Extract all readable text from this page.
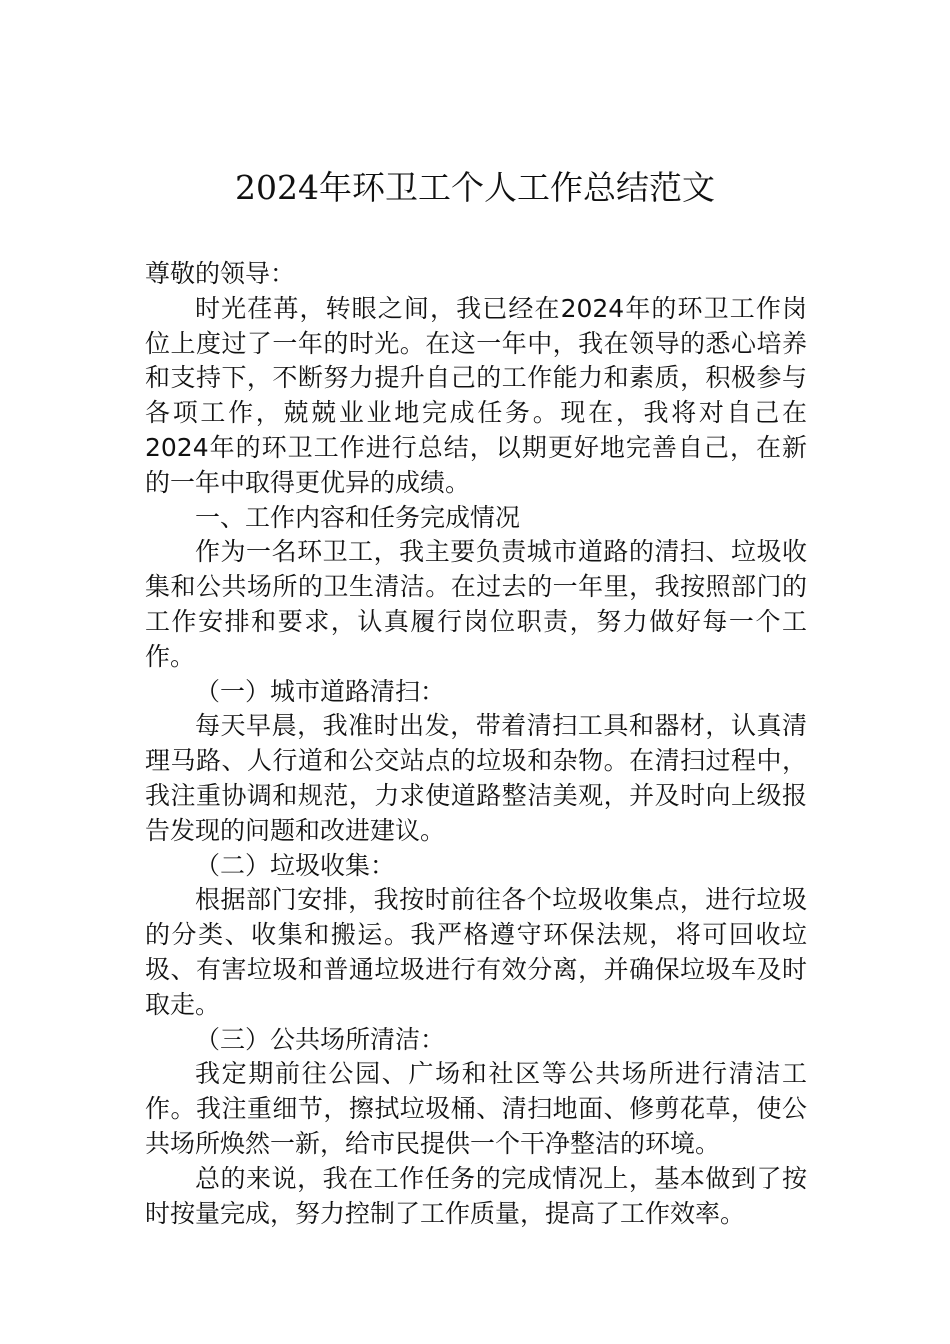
2024年环卫工个人工作总结范文

尊敬的领导：

时光荏苒，转眼之间，我已经在2024年的环卫工作岗位上度过了一年的时光。在这一年中，我在领导的悉心培养和支持下，不断努力提升自己的工作能力和素质，积极参与各项工作，兢兢业业地完成任务。现在，我将对自己在2024年的环卫工作进行总结，以期更好地完善自己，在新的一年中取得更优异的成绩。

一、工作内容和任务完成情况

作为一名环卫工，我主要负责城市道路的清扫、垃圾收集和公共场所的卫生清洁。在过去的一年里，我按照部门的工作安排和要求，认真履行岗位职责，努力做好每一个工作。

（一）城市道路清扫：

每天早晨，我准时出发，带着清扫工具和器材，认真清理马路、人行道和公交站点的垃圾和杂物。在清扫过程中，我注重协调和规范，力求使道路整洁美观，并及时向上级报告发现的问题和改进建议。

（二）垃圾收集：

根据部门安排，我按时前往各个垃圾收集点，进行垃圾的分类、收集和搬运。我严格遵守环保法规，将可回收垃圾、有害垃圾和普通垃圾进行有效分离，并确保垃圾车及时取走。

（三）公共场所清洁：

我定期前往公园、广场和社区等公共场所进行清洁工作。我注重细节，擦拭垃圾桶、清扫地面、修剪花草，使公共场所焕然一新，给市民提供一个干净整洁的环境。

总的来说，我在工作任务的完成情况上，基本做到了按时按量完成，努力控制了工作质量，提高了工作效率。
